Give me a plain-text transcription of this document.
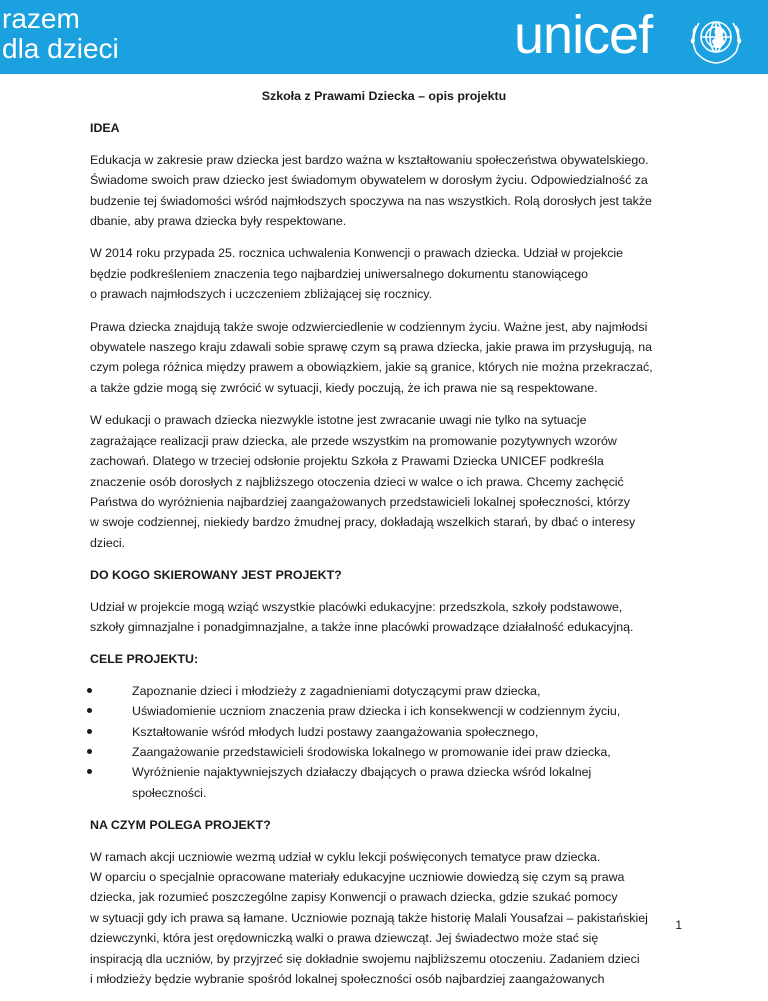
razem
dla dzieci	unicef
Szkoła z Prawami Dziecka – opis projektu
IDEA
Edukacja w zakresie praw dziecka jest bardzo ważna w kształtowaniu społeczeństwa obywatelskiego.
Świadome swoich praw dziecko jest świadomym obywatelem w dorosłym życiu. Odpowiedzialność za
budzenie tej świadomości wśród najmłodszych spoczywa na nas wszystkich. Rolą dorosłych jest także
dbanie, aby prawa dziecka były respektowane.
W 2014 roku przypada 25. rocznica uchwalenia Konwencji o prawach dziecka. Udział w projekcie
będzie podkreśleniem znaczenia tego najbardziej uniwersalnego dokumentu stanowiącego
o prawach najmłodszych i uczczeniem zbliżającej się rocznicy.
Prawa dziecka znajdują także swoje odzwierciedlenie w codziennym życiu. Ważne jest, aby najmłodsi
obywatele naszego kraju zdawali sobie sprawę czym są prawa dziecka, jakie prawa im przysługują, na
czym polega różnica między prawem a obowiązkiem, jakie są granice, których nie można przekraczać,
a także gdzie mogą się zwrócić w sytuacji, kiedy poczują, że ich prawa nie są respektowane.
W edukacji o prawach dziecka niezwykle istotne jest zwracanie uwagi nie tylko na sytuacje
zagrażające realizacji praw dziecka, ale przede wszystkim na promowanie pozytywnych wzorów
zachowań. Dlatego w trzeciej odsłonie projektu Szkoła z Prawami Dziecka UNICEF podkreśla
znaczenie osób dorosłych z najbliższego otoczenia dzieci w walce o ich prawa. Chcemy zachęcić
Państwa do wyróżnienia najbardziej zaangażowanych przedstawicieli lokalnej społeczności, którzy
w swoje codziennej, niekiedy bardzo żmudnej pracy, dokładają wszelkich starań, by dbać o interesy
dzieci.
DO KOGO SKIEROWANY JEST PROJEKT?
Udział w projekcie mogą wziąć wszystkie placówki edukacyjne: przedszkola, szkoły podstawowe,
szkoły gimnazjalne i ponadgimnazjalne, a także inne placówki prowadzące działalność edukacyjną.
CELE PROJEKTU:
Zapoznanie dzieci i młodzieży z zagadnieniami dotyczącymi praw dziecka,
Uświadomienie uczniom znaczenia praw dziecka i ich konsekwencji w codziennym życiu,
Kształtowanie wśród młodych ludzi postawy zaangażowania społecznego,
Zaangażowanie przedstawicieli środowiska lokalnego w promowanie idei praw dziecka,
Wyróżnienie najaktywniejszych działaczy dbających o prawa dziecka wśród lokalnej
społeczności.
NA CZYM POLEGA PROJEKT?
W ramach akcji uczniowie wezmą udział w cyklu lekcji poświęconych tematyce praw dziecka.
W oparciu o specjalnie opracowane materiały edukacyjne uczniowie dowiedzą się czym są prawa
dziecka, jak rozumieć poszczególne zapisy Konwencji o prawach dziecka, gdzie szukać pomocy
w sytuacji gdy ich prawa są łamane. Uczniowie poznają także historię Malali Yousafzai – pakistańskiej
dziewczynki, która jest orędowniczką walki o prawa dziewcząt. Jej świadectwo może stać się
inspiracją dla uczniów, by przyjrzeć się dokładnie swojemu najbliższemu otoczeniu. Zadaniem dzieci
i młodzieży będzie wybranie spośród lokalnej społeczności osób najbardziej zaangażowanych
1
